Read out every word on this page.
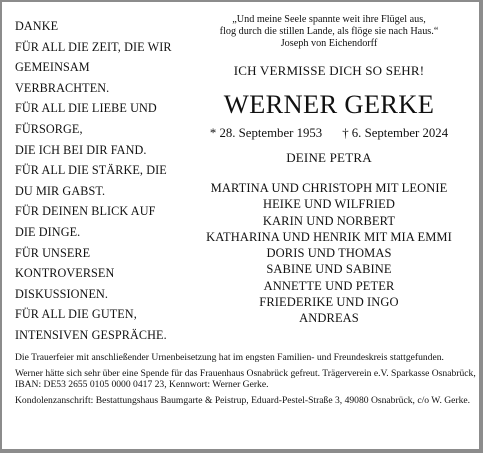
DANKE
FÜR ALL DIE ZEIT, DIE WIR
GEMEINSAM
VERBRACHTEN.
FÜR ALL DIE LIEBE UND
FÜRSORGE,
DIE ICH BEI DIR FAND.
FÜR ALL DIE STÄRKE, DIE
DU MIR GABST.
FÜR DEINEN BLICK AUF
DIE DINGE.
FÜR UNSERE
KONTROVERSEN
DISKUSSIONEN.
FÜR ALL DIE GUTEN,
INTENSIVEN GESPRÄCHE.
„Und meine Seele spannte weit ihre Flügel aus,
flog durch die stillen Lande, als flöge sie nach Haus.“
Joseph von Eichendorff
ICH VERMISSE DICH SO SEHR!
WERNER GERKE
* 28. September 1953 † 6. September 2024
DEINE PETRA
MARTINA UND CHRISTOPH MIT LEONIE
HEIKE UND WILFRIED
KARIN UND NORBERT
KATHARINA UND HENRIK MIT MIA EMMI
DORIS UND THOMAS
SABINE UND SABINE
ANNETTE UND PETER
FRIEDERIKE UND INGO
ANDREAS

Die Trauerfeier mit anschließender Urnenbeisetzung hat im engsten Familien- und Freundeskreis stattgefunden.

Werner hätte sich sehr über eine Spende für das Frauenhaus Osnabrück gefreut. Trägerverein e.V. Sparkasse Osnabrück, IBAN: DE53 2655 0105 0000 0417 23, Kennwort: Werner Gerke.

Kondolenzanschrift: Bestattungshaus Baumgarte & Peistrup, Eduard-Pestel-Straße 3, 49080 Osnabrück, c/o W. Gerke.
